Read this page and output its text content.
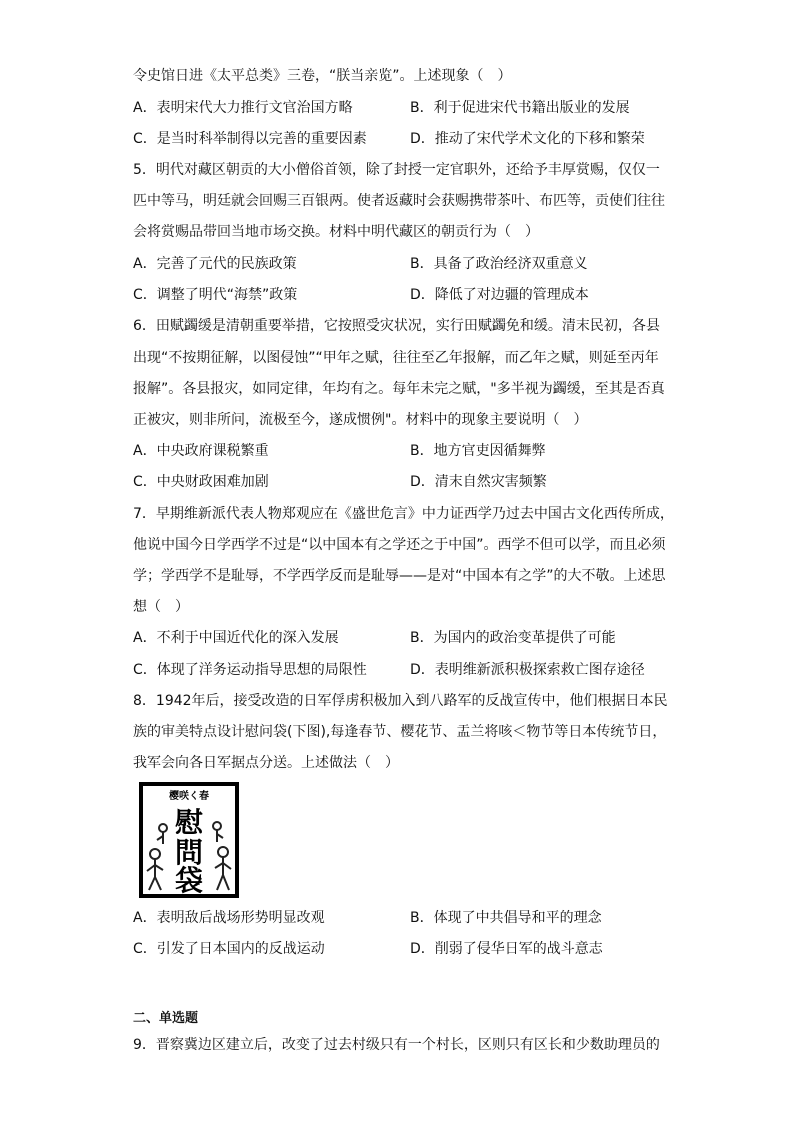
令史馆日进《太平总类》三卷，“朕当亲览”。上述现象（　）
A．表明宋代大力推行文官治国方略	B．利于促进宋代书籍出版业的发展
C．是当时科举制得以完善的重要因素	D．推动了宋代学术文化的下移和繁荣
5．明代对藏区朝贡的大小僧俗首领，除了封授一定官职外，还给予丰厚赏赐，仅仅一
匹中等马，明廷就会回赐三百银两。使者返藏时会获赐携带茶叶、布匹等，贡使们往往
会将赏赐品带回当地市场交换。材料中明代藏区的朝贡行为（　）
A．完善了元代的民族政策	B．具备了政治经济双重意义
C．调整了明代“海禁”政策	D．降低了对边疆的管理成本
6．田赋蠲缓是清朝重要举措，它按照受灾状况，实行田赋蠲免和缓。清末民初，各县
出现“不按期征解，以图侵蚀”“甲年之赋，往往至乙年报解，而乙年之赋，则延至丙年
报解”。各县报灾，如同定律，年均有之。每年未完之赋，"多半视为蠲缓，至其是否真
正被灾，则非所问，流极至今，遂成惯例"。材料中的现象主要说明（　）
A．中央政府课税繁重	B．地方官吏因循舞弊
C．中央财政困难加剧	D．清末自然灾害频繁
7．早期维新派代表人物郑观应在《盛世危言》中力证西学乃过去中国古文化西传所成，
他说中国今日学西学不过是“以中国本有之学还之于中国”。西学不但可以学，而且必须
学；学西学不是耻辱，不学西学反而是耻辱——是对“中国本有之学”的大不敬。上述思
想（　）
A．不利于中国近代化的深入发展	B．为国内的政治变革提供了可能
C．体现了洋务运动指导思想的局限性	D．表明维新派积极探索救亡图存途径
8．1942年后，接受改造的日军俘虏积极加入到八路军的反战宣传中，他们根据日本民
族的审美特点设计慰问袋(下图),每逢春节、樱花节、盂兰将咳＜物节等日本传统节日，
我军会向各日军据点分送。上述做法（　）
樱咲く春
慰
問
袋
A．表明敌后战场形势明显改观	B．体现了中共倡导和平的理念
C．引发了日本国内的反战运动	D．削弱了侵华日军的战斗意志
二、单选题
9．晋察冀边区建立后，改变了过去村级只有一个村长，区则只有区长和少数助理员的
